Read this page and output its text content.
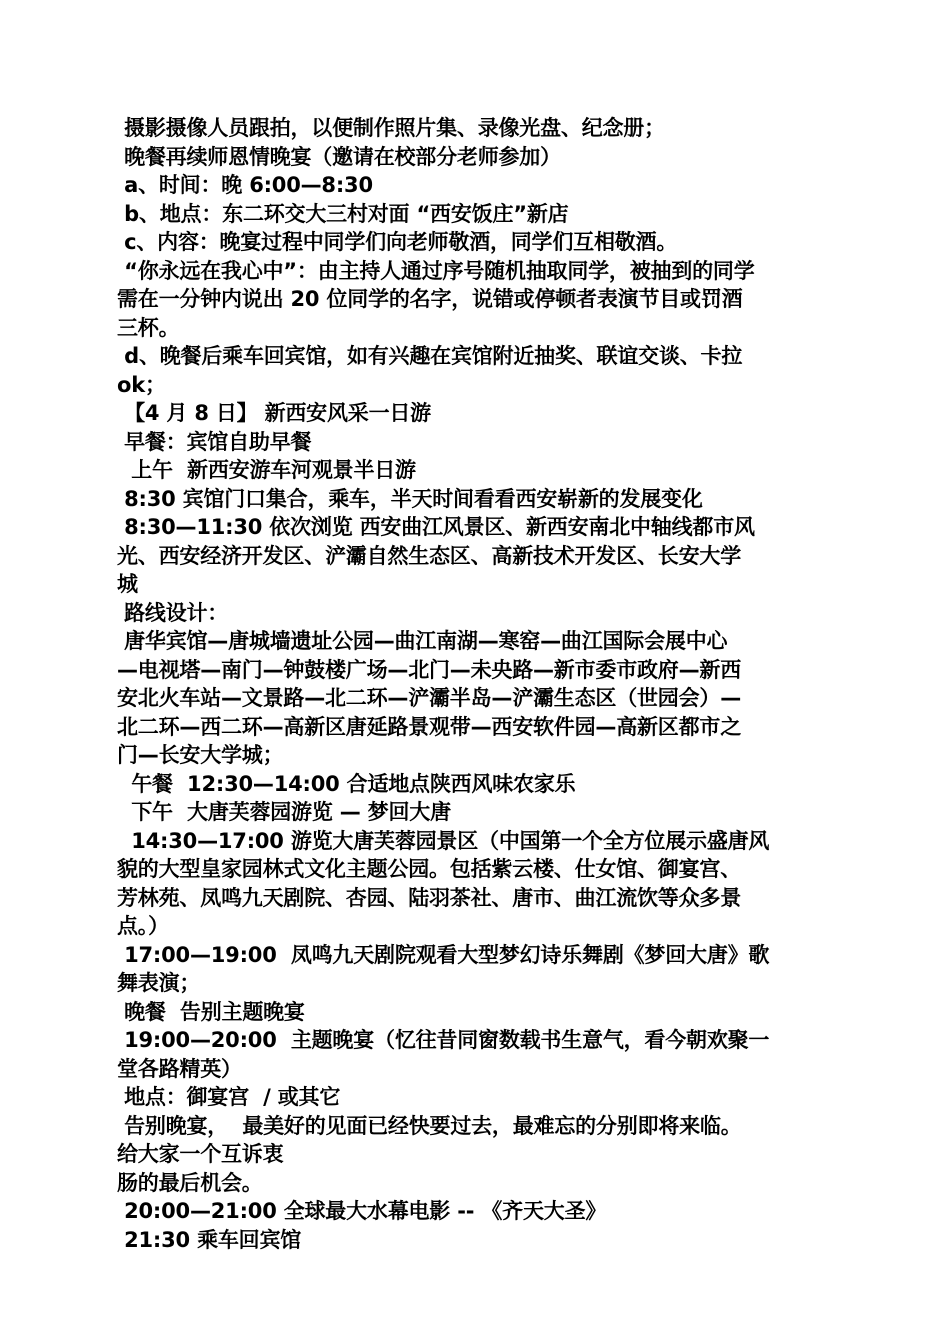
摄影摄像人员跟拍，以便制作照片集、录像光盘、纪念册；
晚餐再续师恩情晚宴（邀请在校部分老师参加）
a、时间：晚 6:00—8:30
b、地点：东二环交大三村对面 “西安饭庄”新店
c、内容：晚宴过程中同学们向老师敬酒，同学们互相敬酒。
“你永远在我心中”：由主持人通过序号随机抽取同学，被抽到的同学
需在一分钟内说出 20 位同学的名字，说错或停顿者表演节目或罚酒
三杯。
d、晚餐后乘车回宾馆，如有兴趣在宾馆附近抽奖、联谊交谈、卡拉
ok；
【4 月 8 日】 新西安风采一日游
早餐：宾馆自助早餐
上午  新西安游车河观景半日游
8:30 宾馆门口集合，乘车，半天时间看看西安崭新的发展变化
8:30—11:30 依次浏览 西安曲江风景区、新西安南北中轴线都市风
光、西安经济开发区、浐灞自然生态区、高新技术开发区、长安大学
城
路线设计：
唐华宾馆—唐城墙遗址公园—曲江南湖—寒窑—曲江国际会展中心
—电视塔—南门—钟鼓楼广场—北门—未央路—新市委市政府—新西
安北火车站—文景路—北二环—浐灞半岛—浐灞生态区（世园会）—
北二环—西二环—高新区唐延路景观带—西安软件园—高新区都市之
门—长安大学城；
午餐  12:30—14:00 合适地点陕西风味农家乐
下午  大唐芙蓉园游览 — 梦回大唐
14:30—17:00 游览大唐芙蓉园景区（中国第一个全方位展示盛唐风
貌的大型皇家园林式文化主题公园。包括紫云楼、仕女馆、御宴宫、
芳林苑、凤鸣九天剧院、杏园、陆羽茶社、唐市、曲江流饮等众多景
点。）
17:00—19:00  凤鸣九天剧院观看大型梦幻诗乐舞剧《梦回大唐》歌
舞表演；
晚餐  告别主题晚宴
19:00—20:00  主题晚宴（忆往昔同窗数载书生意气，看今朝欢聚一
堂各路精英）
地点：御宴宫  / 或其它
告别晚宴，  最美好的见面已经快要过去，最难忘的分别即将来临。
给大家一个互诉衷
肠的最后机会。
20:00—21:00 全球最大水幕电影 -- 《齐天大圣》
21:30 乘车回宾馆
